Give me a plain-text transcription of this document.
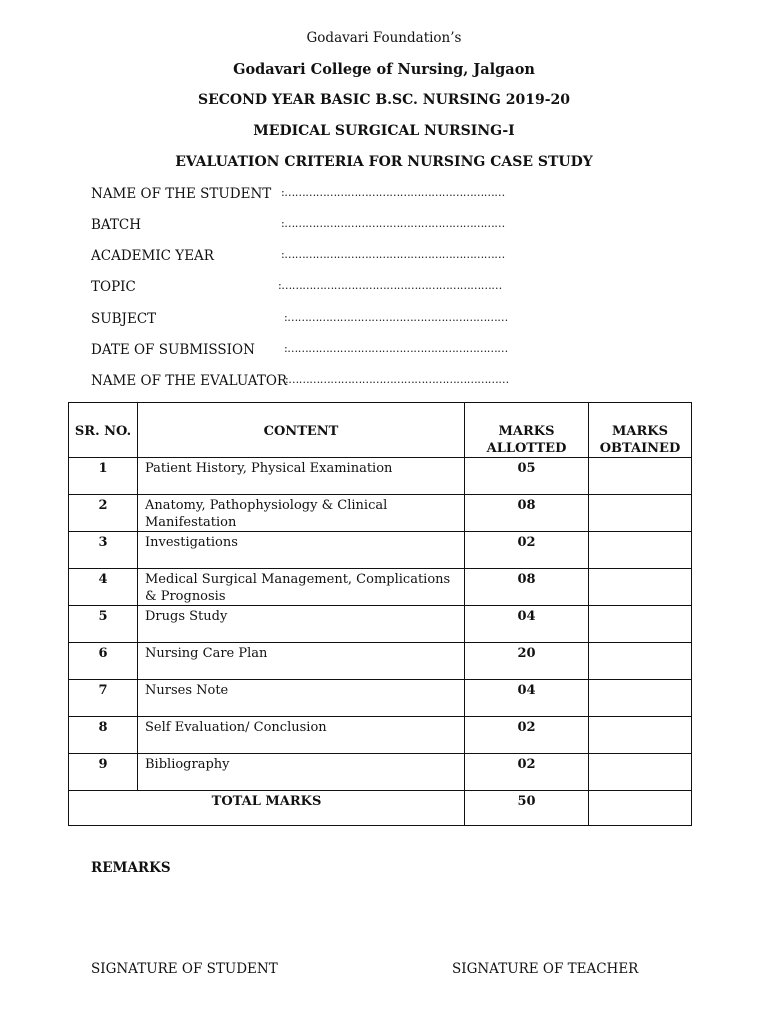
Godavari Foundation’s
Godavari College of Nursing, Jalgaon
SECOND YEAR BASIC B.SC. NURSING 2019-20
MEDICAL SURGICAL NURSING-I
EVALUATION CRITERIA FOR NURSING CASE STUDY
NAME OF THE STUDENT :………………………………………………………
BATCH	:………………………………………………………
ACADEMIC YEAR	:………………………………………………………
TOPIC	:………………………………………………………
SUBJECT	:………………………………………………………
DATE OF SUBMISSION	:………………………………………………………
NAME OF THE EVALUATOR
:………………………………………………………
SR. NO.	CONTENT	MARKS ALLOTTED	MARKS OBTAINED
1	Patient History, Physical Examination	05	
2	Anatomy, Pathophysiology & Clinical Manifestation	08	
3	Investigations	02	
4	Medical Surgical Management, Complications & Prognosis	08	
5	Drugs Study	04	
6	Nursing Care Plan	20	
7	Nurses Note	04	
8	Self Evaluation/ Conclusion	02	
9	Bibliography	02	
TOTAL MARKS		50	
REMARKS
SIGNATURE OF STUDENT	SIGNATURE OF TEACHER
